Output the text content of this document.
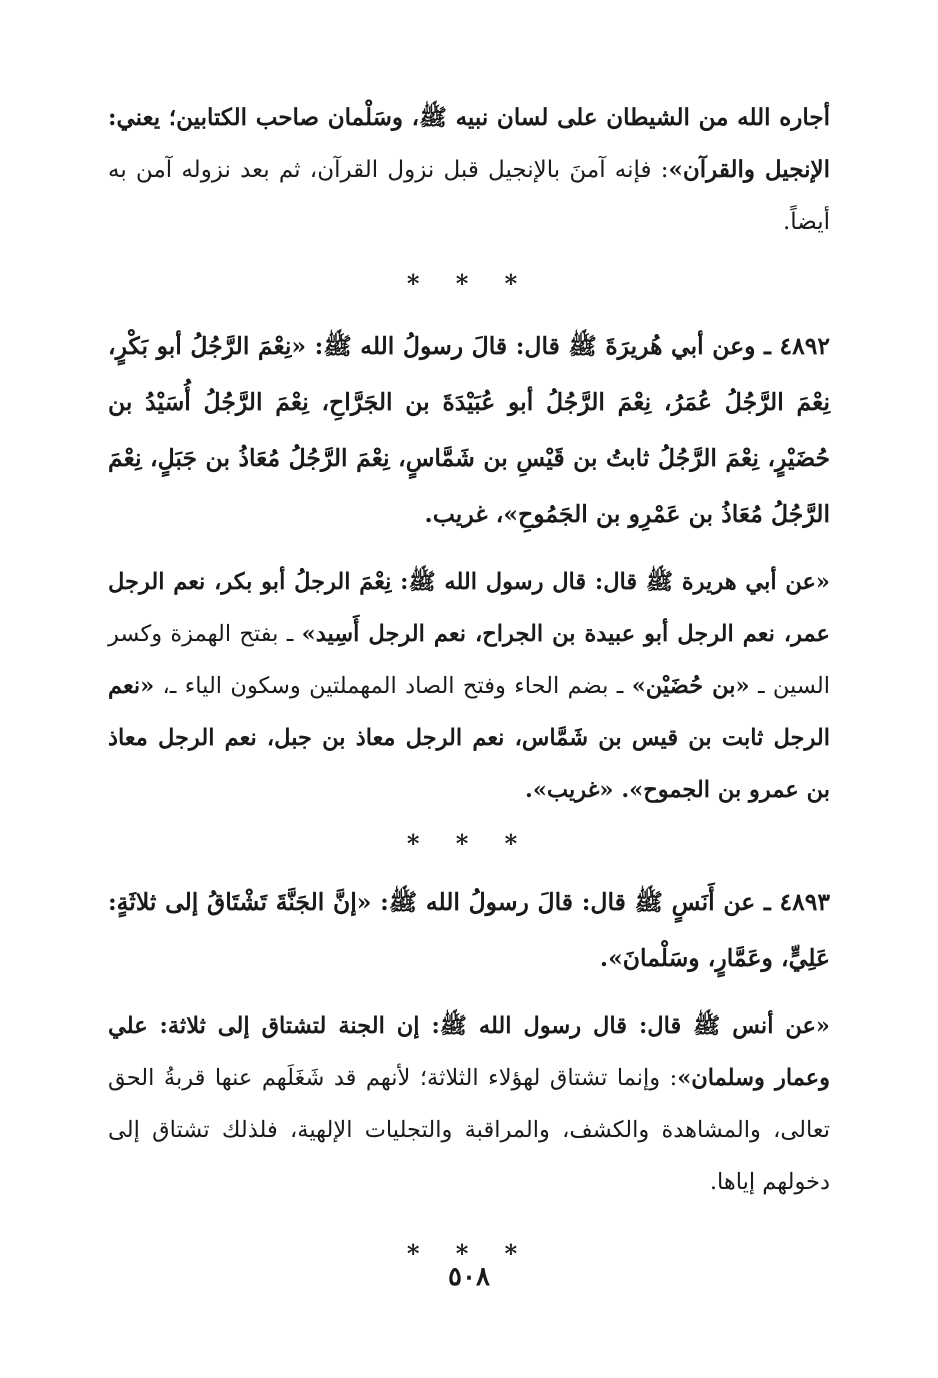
أجاره الله من الشيطان على لسان نبيه ﷺ، وسَلْمان صاحب الكتابين؛ يعني: الإنجيل والقرآن»: فإنه آمنَ بالإنجيل قبل نزول القرآن، ثم بعد نزوله آمن به أيضاً.

* * *

٤٨٩٢ ـ وعن أبي هُريرَةَ ﷺ قال: قالَ رسولُ الله ﷺ: «نِعْمَ الرَّجُلُ أبو بَكْرٍ، نِعْمَ الرَّجُلُ عُمَرُ، نِعْمَ الرَّجُلُ أبو عُبَيْدَةَ بن الجَرَّاحِ، نِعْمَ الرَّجُلُ أُسَيْدُ بن حُضَيْرٍ، نِعْمَ الرَّجُلُ ثابتُ بن قَيْسِ بن شَمَّاسٍ، نِعْمَ الرَّجُلُ مُعَاذُ بن جَبَلٍ، نِعْمَ الرَّجُلُ مُعَاذُ بن عَمْرِو بن الجَمُوحِ»، غريب.

«عن أبي هريرة ﷺ قال: قال رسول الله ﷺ: نِعْمَ الرجلُ أبو بكر، نعم الرجل عمر، نعم الرجل أبو عبيدة بن الجراح، نعم الرجل أَسِيد» ـ بفتح الهمزة وكسر السين ـ «بن حُضَيْن» ـ بضم الحاء وفتح الصاد المهملتين وسكون الياء ـ، «نعم الرجل ثابت بن قيس بن شَمَّاس، نعم الرجل معاذ بن جبل، نعم الرجل معاذ بن عمرو بن الجموح». «غريب».

* * *

٤٨٩٣ ـ عن أَنَسٍ ﷺ قال: قالَ رسولُ الله ﷺ: «إنَّ الجَنَّةَ تَشْتَاقُ إلى ثلاثَةٍ: عَلِيٍّ، وعَمَّارٍ، وسَلْمانَ».

«عن أنس ﷺ قال: قال رسول الله ﷺ: إن الجنة لتشتاق إلى ثلاثة: علي وعمار وسلمان»: وإنما تشتاق لهؤلاء الثلاثة؛ لأنهم قد شَغَلَهم عنها قربةُ الحق تعالى، والمشاهدة والكشف، والمراقبة والتجليات الإلهية، فلذلك تشتاق إلى دخولهم إياها.

* * *
٥٠٨
